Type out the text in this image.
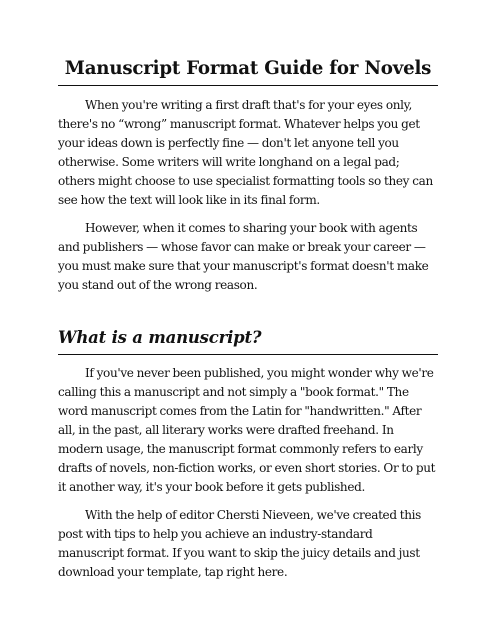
Manuscript Format Guide for Novels

When you're writing a first draft that's for your eyes only, there's no “wrong” manuscript format. Whatever helps you get your ideas down is perfectly fine — don't let anyone tell you otherwise. Some writers will write longhand on a legal pad; others might choose to use specialist formatting tools so they can see how the text will look like in its final form.

However, when it comes to sharing your book with agents and publishers — whose favor can make or break your career — you must make sure that your manuscript's format doesn't make you stand out of the wrong reason.

What is a manuscript?

If you've never been published, you might wonder why we're calling this a manuscript and not simply a "book format." The word manuscript comes from the Latin for "handwritten." After all, in the past, all literary works were drafted freehand. In modern usage, the manuscript format commonly refers to early drafts of novels, non-fiction works, or even short stories. Or to put it another way, it's your book before it gets published.

With the help of editor Chersti Nieveen, we've created this post with tips to help you achieve an industry-standard manuscript format. If you want to skip the juicy details and just download your template, tap right here.
